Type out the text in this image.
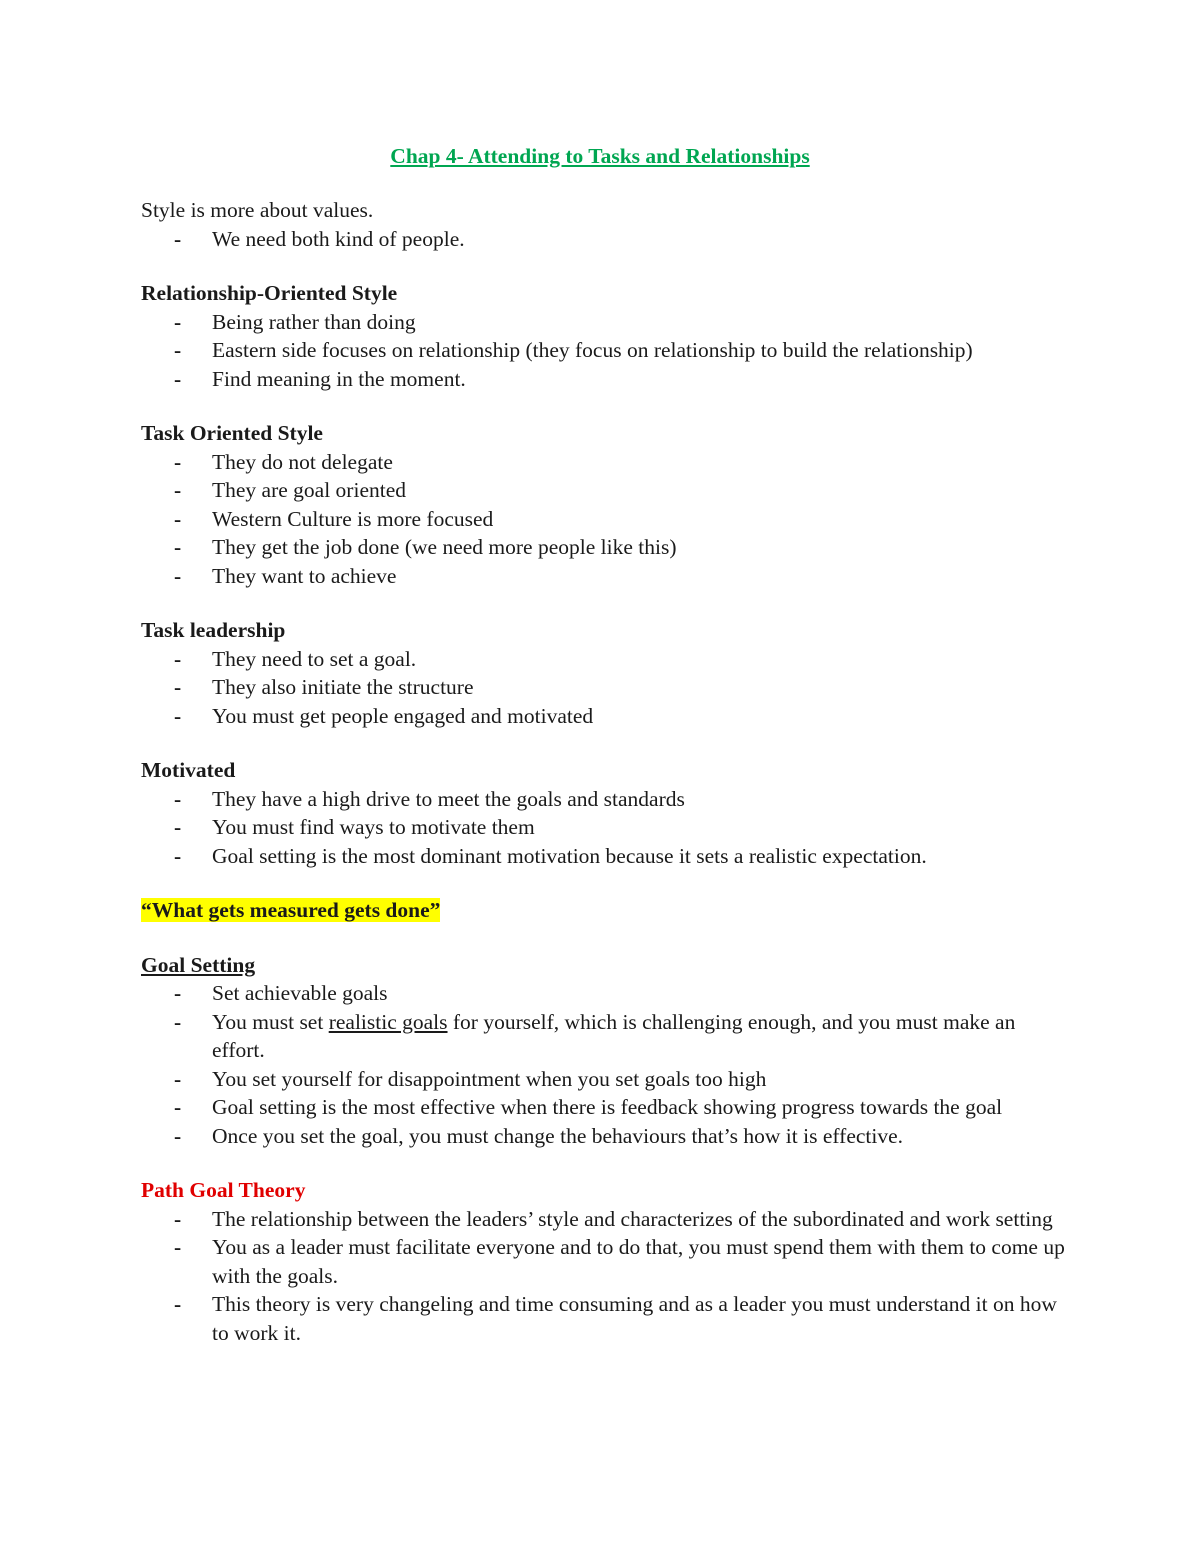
Chap 4- Attending to Tasks and Relationships

Style is more about values.

- We need both kind of people.

Relationship-Oriented Style

- Being rather than doing
- Eastern side focuses on relationship (they focus on relationship to build the relationship)
- Find meaning in the moment.

Task Oriented Style

- They do not delegate
- They are goal oriented
- Western Culture is more focused
- They get the job done (we need more people like this)
- They want to achieve

Task leadership

- They need to set a goal.
- They also initiate the structure
- You must get people engaged and motivated

Motivated

- They have a high drive to meet the goals and standards
- You must find ways to motivate them
- Goal setting is the most dominant motivation because it sets a realistic expectation.

“What gets measured gets done”

Goal Setting

- Set achievable goals
- You must set realistic goals for yourself, which is challenging enough, and you must make an effort.
- You set yourself for disappointment when you set goals too high
- Goal setting is the most effective when there is feedback showing progress towards the goal
- Once you set the goal, you must change the behaviours that’s how it is effective.

Path Goal Theory

- The relationship between the leaders’ style and characterizes of the subordinated and work setting
- You as a leader must facilitate everyone and to do that, you must spend them with them to come up with the goals.
- This theory is very changeling and time consuming and as a leader you must understand it on how to work it.
